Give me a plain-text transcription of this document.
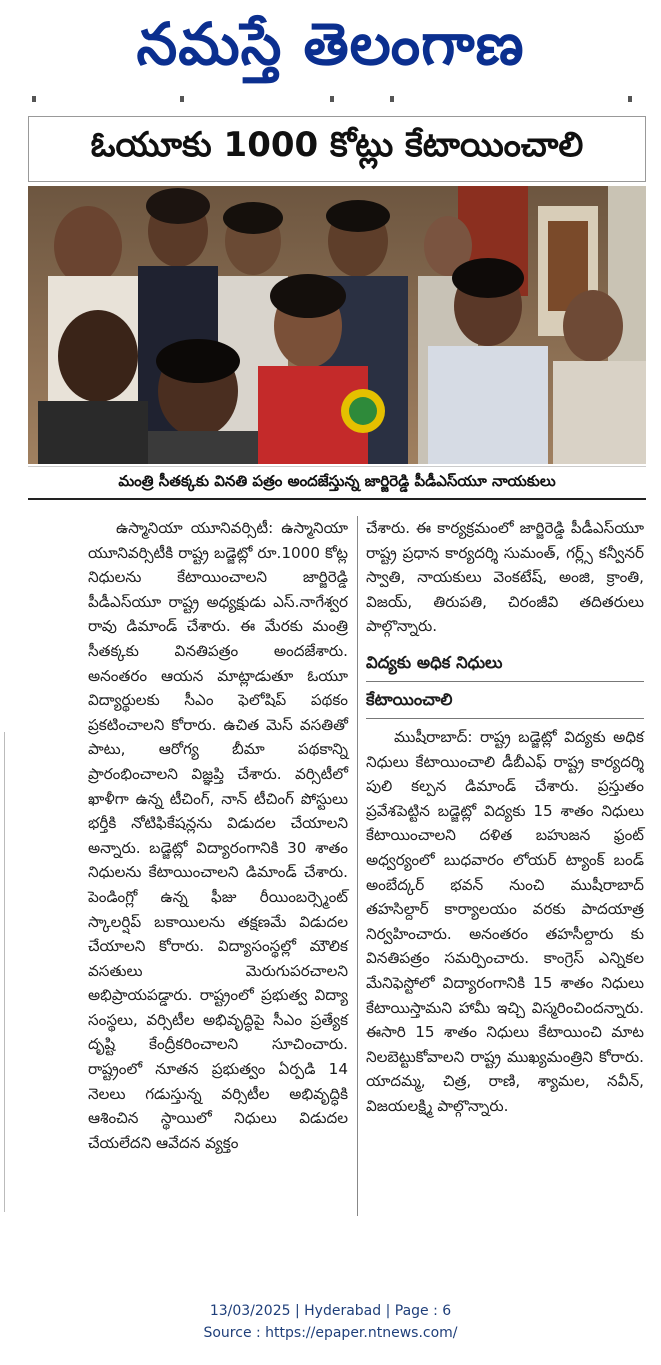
నమస్తే తెలంగాణ
ఓయూకు 1000 కోట్లు కేటాయించాలి
మంత్రి సీతక్కకు వినతి పత్రం అందజేస్తున్న జార్జిరెడ్డి పీడీఎస్‌యూ నాయకులు

ఉస్మానియా యూనివర్సిటీ: ఉస్మానియా యూనివర్సిటీకి రాష్ట్ర బడ్జెట్లో రూ.1000 కోట్ల నిధులను కేటాయించాలని జార్జిరెడ్డి పీడీఎస్‌యూ రాష్ట్ర అధ్యక్షుడు ఎస్.నాగేశ్వర రావు డిమాండ్ చేశారు. ఈ మేరకు మంత్రి సీతక్కకు వినతిపత్రం అందజేశారు. అనంతరం ఆయన మాట్లాడుతూ ఓయూ విద్యార్థులకు సీఎం ఫెలోషిప్ పథకం ప్రకటించాలని కోరారు. ఉచిత మెస్ వసతితో పాటు, ఆరోగ్య బీమా పథకాన్ని ప్రారంభించాలని విజ్ఞప్తి చేశారు. వర్సిటీలో ఖాళీగా ఉన్న టీచింగ్, నాన్ టీచింగ్ పోస్టులు భర్తీకి నోటిఫికేషన్లను విడుదల చేయాలని అన్నారు. బడ్జెట్లో విద్యారంగానికి 30 శాతం నిధులను కేటాయించాలని డిమాండ్ చేశారు. పెండింగ్లో ఉన్న ఫీజు రీయింబర్స్మెంట్ స్కాలర్షిప్ బకాయిలను తక్షణమే విడుదల చేయాలని కోరారు. విద్యాసంస్థల్లో మౌలిక వసతులు మెరుగుపరచాలని అభిప్రాయపడ్డారు. రాష్ట్రంలో ప్రభుత్వ విద్యా సంస్థలు, వర్సిటీల అభివృద్ధిపై సీఎం ప్రత్యేక దృష్టి కేంద్రీకరించాలని సూచించారు. రాష్ట్రంలో నూతన ప్రభుత్వం ఏర్పడి 14 నెలలు గడుస్తున్న వర్సిటీల అభివృద్ధికి ఆశించిన స్థాయిలో నిధులు విడుదల చేయలేదని ఆవేదన వ్యక్తం

చేశారు. ఈ కార్యక్రమంలో జార్జిరెడ్డి పీడీఎస్‌యూ రాష్ట్ర ప్రధాన కార్యదర్శి సుమంత్, గర్ల్స్ కన్వీనర్ స్వాతి, నాయకులు వెంకటేష్, అంజి, క్రాంతి, విజయ్, తిరుపతి, చిరంజీవి తదితరులు పాల్గొన్నారు.

విద్యకు అధిక నిధులు
కేటాయించాలి

ముషీరాబాద్: రాష్ట్ర బడ్జెట్లో విద్యకు అధిక నిధులు కేటాయించాలి డీబీఎఫ్ రాష్ట్ర కార్యదర్శి పులి కల్పన డిమాండ్ చేశారు. ప్రస్తుతం ప్రవేశపెట్టిన బడ్జెట్లో విద్యకు 15 శాతం నిధులు కేటాయించాలని దళిత బహుజన ఫ్రంట్ అధ్వర్యంలో బుధవారం లోయర్ ట్యాంక్ బండ్ అంబేద్కర్ భవన్ నుంచి ముషీరాబాద్ తహసిల్దార్ కార్యాలయం వరకు పాదయాత్ర నిర్వహించారు. అనంతరం తహసీల్దారు కు వినతిపత్రం సమర్పించారు. కాంగ్రెస్ ఎన్నికల మేనిఫెస్టోలో విద్యారంగానికి 15 శాతం నిధులు కేటాయిస్తామని హామీ ఇచ్చి విస్మరించిందన్నారు. ఈసారి 15 శాతం నిధులు కేటాయించి మాట నిలబెట్టుకోవాలని రాష్ట్ర ముఖ్యమంత్రిని కోరారు. యాదమ్మ, చిత్ర, రాణి, శ్యామల, నవీన్, విజయలక్ష్మి పాల్గొన్నారు.

13/03/2025 | Hyderabad | Page : 6
Source : https://epaper.ntnews.com/
